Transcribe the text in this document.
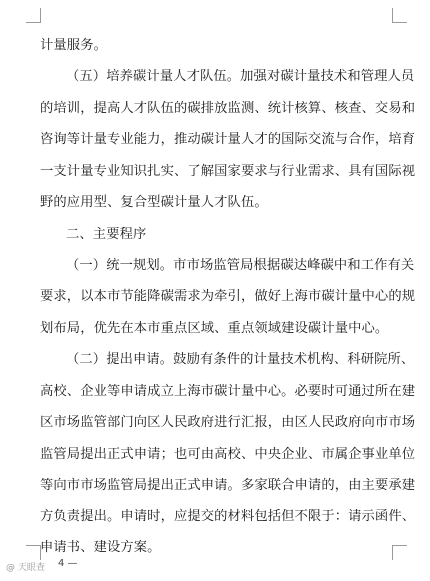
计量服务。
（五）培养碳计量人才队伍。加强对碳计量技术和管理人员
的培训，提高人才队伍的碳排放监测、统计核算、核查、交易和
咨询等计量专业能力，推动碳计量人才的国际交流与合作，培育
一支计量专业知识扎实、了解国家要求与行业需求、具有国际视
野的应用型、复合型碳计量人才队伍。
二、主要程序
（一）统一规划。市市场监管局根据碳达峰碳中和工作有关
要求，以本市节能降碳需求为牵引，做好上海市碳计量中心的规
划布局，优先在本市重点区域、重点领域建设碳计量中心。
（二）提出申请。鼓励有条件的计量技术机构、科研院所、
高校、企业等申请成立上海市碳计量中心。必要时可通过所在建
区市场监管部门向区人民政府进行汇报，由区人民政府向市市场
监管局提出正式申请；也可由高校、中央企业、市属企事业单位
等向市市场监管局提出正式申请。多家联合申请的，由主要承建
方负责提出。申请时，应提交的材料包括但不限于：请示函件、
申请书、建设方案。
@ 天眼查 4 —
